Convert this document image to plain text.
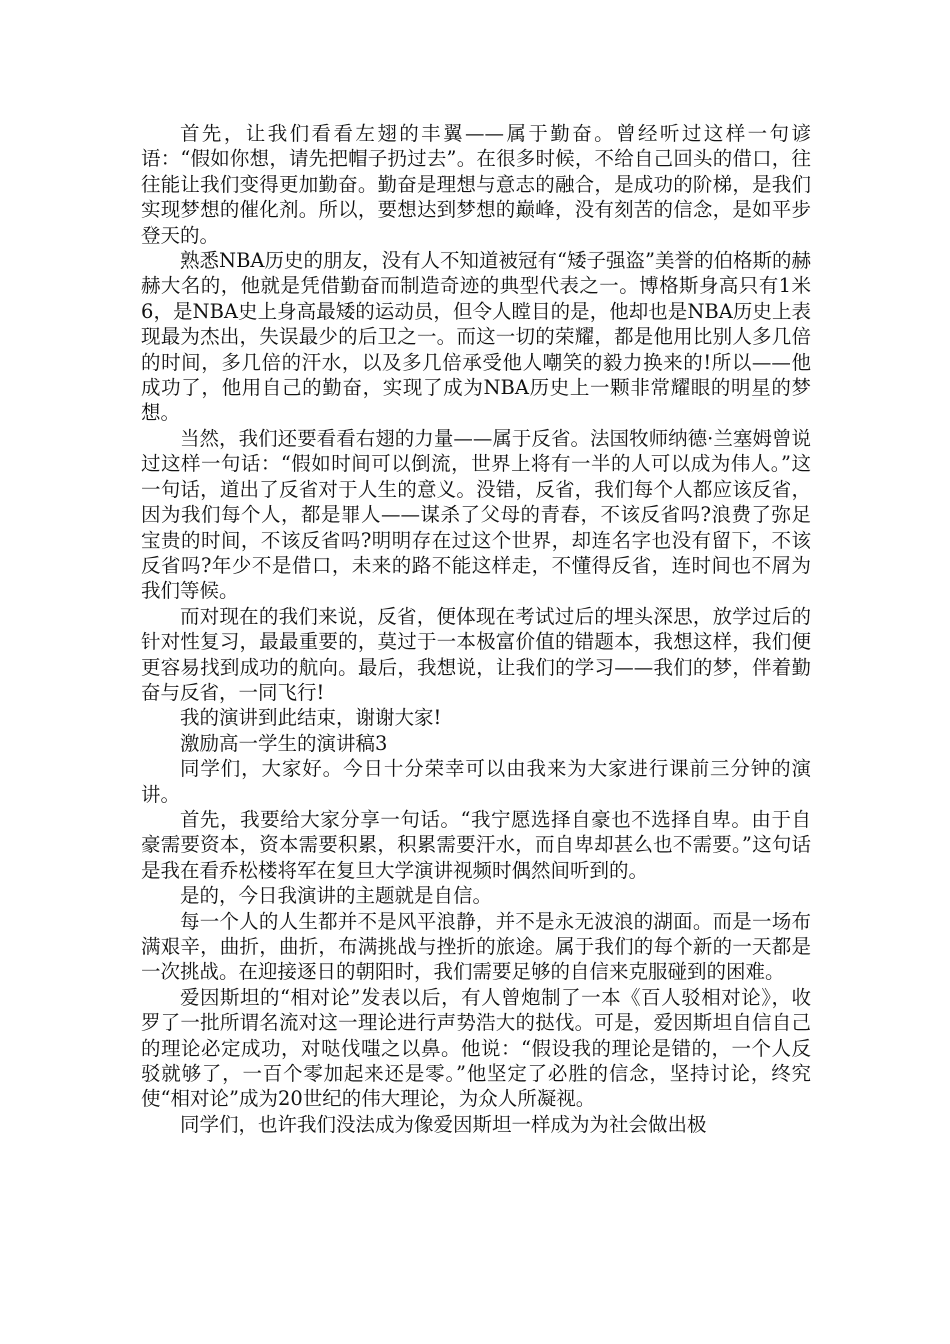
首先，让我们看看左翅的丰翼——属于勤奋。曾经听过这样一句谚语：“假如你想，请先把帽子扔过去”。在很多时候，不给自己回头的借口，往往能让我们变得更加勤奋。勤奋是理想与意志的融合，是成功的阶梯，是我们实现梦想的催化剂。所以，要想达到梦想的巅峰，没有刻苦的信念，是如平步登天的。

熟悉NBA历史的朋友，没有人不知道被冠有“矮子强盗”美誉的伯格斯的赫赫大名的，他就是凭借勤奋而制造奇迹的典型代表之一。博格斯身高只有1米6，是NBA史上身高最矮的运动员，但令人瞠目的是，他却也是NBA历史上表现最为杰出，失误最少的后卫之一。而这一切的荣耀，都是他用比别人多几倍的时间，多几倍的汗水，以及多几倍承受他人嘲笑的毅力换来的!所以——他成功了，他用自己的勤奋，实现了成为NBA历史上一颗非常耀眼的明星的梦想。

当然，我们还要看看右翅的力量——属于反省。法国牧师纳德·兰塞姆曾说过这样一句话：“假如时间可以倒流，世界上将有一半的人可以成为伟人。”这一句话，道出了反省对于人生的意义。没错，反省，我们每个人都应该反省，因为我们每个人，都是罪人——谋杀了父母的青春，不该反省吗?浪费了弥足宝贵的时间，不该反省吗?明明存在过这个世界，却连名字也没有留下，不该反省吗?年少不是借口，未来的路不能这样走，不懂得反省，连时间也不屑为我们等候。

而对现在的我们来说，反省，便体现在考试过后的埋头深思，放学过后的针对性复习，最最重要的，莫过于一本极富价值的错题本，我想这样，我们便更容易找到成功的航向。最后，我想说，让我们的学习——我们的梦，伴着勤奋与反省，一同飞行!

我的演讲到此结束，谢谢大家!

激励高一学生的演讲稿3

同学们，大家好。今日十分荣幸可以由我来为大家进行课前三分钟的演讲。

首先，我要给大家分享一句话。“我宁愿选择自豪也不选择自卑。由于自豪需要资本，资本需要积累，积累需要汗水，而自卑却甚么也不需要。”这句话是我在看乔松楼将军在复旦大学演讲视频时偶然间听到的。

是的，今日我演讲的主题就是自信。

每一个人的人生都并不是风平浪静，并不是永无波浪的湖面。而是一场布满艰辛，曲折，曲折，布满挑战与挫折的旅途。属于我们的每个新的一天都是一次挑战。在迎接逐日的朝阳时，我们需要足够的自信来克服碰到的困难。

爱因斯坦的“相对论”发表以后，有人曾炮制了一本《百人驳相对论》，收罗了一批所谓名流对这一理论进行声势浩大的挞伐。可是，爱因斯坦自信自己的理论必定成功，对哒伐嗤之以鼻。他说：“假设我的理论是错的，一个人反驳就够了，一百个零加起来还是零。”他坚定了必胜的信念，坚持讨论，终究使“相对论”成为20世纪的伟大理论，为众人所凝视。

同学们，也许我们没法成为像爱因斯坦一样成为为社会做出极
